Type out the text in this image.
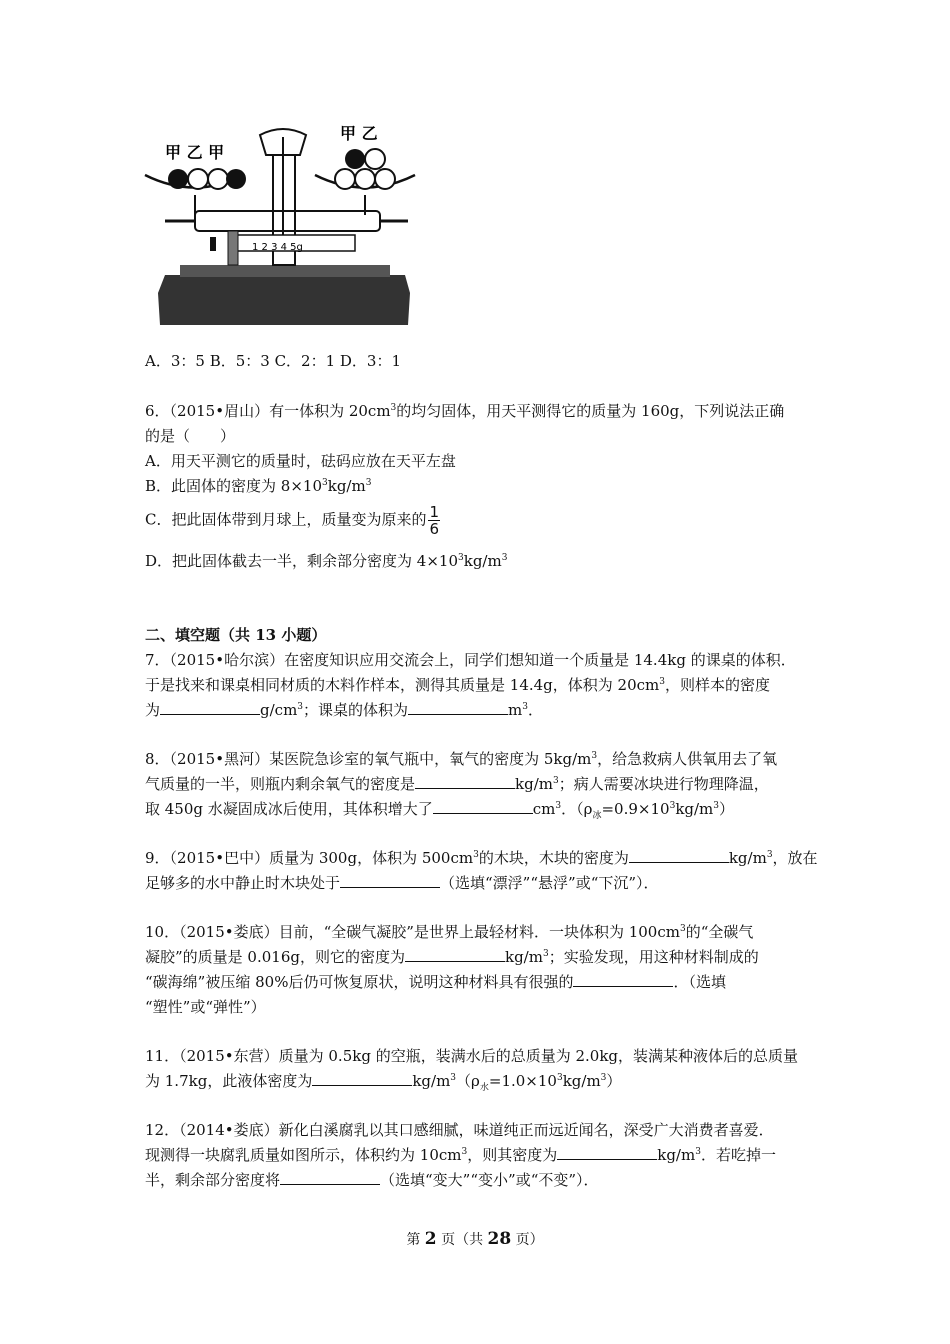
甲 乙 甲
甲 乙
1 2 3 4 5g
A．3：5 B．5：3 C．2：1 D．3：1
6．（2015•眉山）有一体积为 $20cm^3$的均匀固体，用天平测得它的质量为 160g，下列说法正确
的是（　　）
A．用天平测它的质量时，砝码应放在天平左盘
B．此固体的密度为 $8\times 10^3kg/m^3$
C．把此固体带到月球上，质量变为原来的 $\frac{1}{6}$
D．把此固体截去一半，剩余部分密度为 $4\times 10^3kg/m^3$
二、填空题（共 13 小题）
7．（2015•哈尔滨）在密度知识应用交流会上，同学们想知道一个质量是 14.4kg 的课桌的体积．
于是找来和课桌相同材质的木料作样本，测得其质量是 14.4g，体积为 $20cm^3$，则样本的密度
为	$g/cm^3$；课桌的体积为	$m^3$．
8．（2015•黑河）某医院急诊室的氧气瓶中，氧气的密度为 $5kg/m^3$，给急救病人供氧用去了氧
气质量的一半，则瓶内剩余氧气的密度是	$kg/m^3$；病人需要冰块进行物理降温，
取 450g 水凝固成冰后使用，其体积增大了	$cm^3$．$(\rho_冰=0.9\times 10^3kg/m^3)$
9．（2015•巴中）质量为 300g，体积为 $500cm^3$的木块，木块的密度为	$kg/m^3$，放在
足够多的水中静止时木块处于	（选填“漂浮”“悬浮”或“下沉”）．
10．（2015•娄底）目前，“全碳气凝胶”是世界上最轻材料．一块体积为 $100cm^3$的“全碳气
凝胶”的质量是 0.016g，则它的密度为	$kg/m^3$；实验发现，用这种材料制成的
“碳海绵”被压缩 80%后仍可恢复原状，说明这种材料具有很强的	．（选填
“塑性”或“弹性”）
11．（2015•东营）质量为 0.5kg 的空瓶，装满水后的总质量为 2.0kg，装满某种液体后的总质量
为 1.7kg，此液体密度为	$kg/m^3(\rho_水=1.0\times 10^3kg/m^3)$
12．（2014•娄底）新化白溪腐乳以其口感细腻，味道纯正而远近闻名，深受广大消费者喜爱．
现测得一块腐乳质量如图所示，体积约为 $10cm^3$，则其密度为	$kg/m^3$．若吃掉一
半，剩余部分密度将	（选填“变大”“变小”或“不变”）．
第 2 页（共 28 页）
